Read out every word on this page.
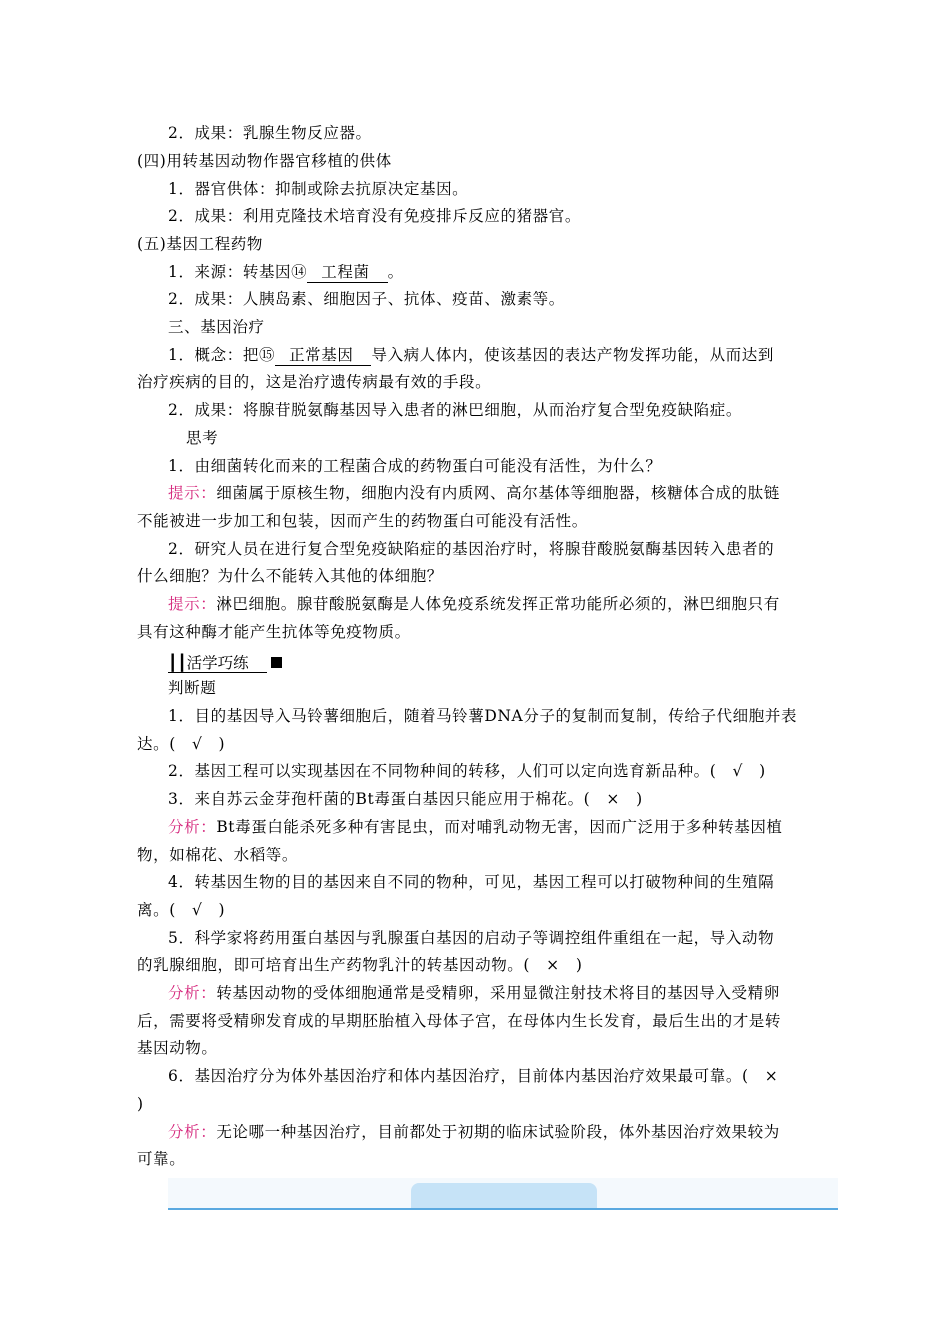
2．成果：乳腺生物反应器。
(四)用转基因动物作器官移植的供体
1．器官供体：抑制或除去抗原决定基因。
2．成果：利用克隆技术培育没有免疫排斥反应的猪器官。
(五)基因工程药物
1．来源：转基因⑭ 工程菌 。
2．成果：人胰岛素、细胞因子、抗体、疫苗、激素等。
三、基因治疗
1．概念：把⑮ 正常基因 导入病人体内，使该基因的表达产物发挥功能，从而达到
治疗疾病的目的，这是治疗遗传病最有效的手段。
2．成果：将腺苷脱氨酶基因导入患者的淋巴细胞，从而治疗复合型免疫缺陷症。
思考
1．由细菌转化而来的工程菌合成的药物蛋白可能没有活性，为什么？
提示：细菌属于原核生物，细胞内没有内质网、高尔基体等细胞器，核糖体合成的肽链
不能被进一步加工和包装，因而产生的药物蛋白可能没有活性。
2．研究人员在进行复合型免疫缺陷症的基因治疗时，将腺苷酸脱氨酶基因转入患者的
什么细胞？为什么不能转入其他的体细胞？
提示：淋巴细胞。腺苷酸脱氨酶是人体免疫系统发挥正常功能所必须的，淋巴细胞只有
具有这种酶才能产生抗体等免疫物质。
┃┃活学巧练
判断题
1．目的基因导入马铃薯细胞后，随着马铃薯DNA分子的复制而复制，传给子代细胞并表
达。(　√　)
2．基因工程可以实现基因在不同物种间的转移，人们可以定向选育新品种。(　√　)
3．来自苏云金芽孢杆菌的Bt毒蛋白基因只能应用于棉花。(　×　)
分析：Bt毒蛋白能杀死多种有害昆虫，而对哺乳动物无害，因而广泛用于多种转基因植
物，如棉花、水稻等。
4．转基因生物的目的基因来自不同的物种，可见，基因工程可以打破物种间的生殖隔
离。(　√　)
5．科学家将药用蛋白基因与乳腺蛋白基因的启动子等调控组件重组在一起，导入动物
的乳腺细胞，即可培育出生产药物乳汁的转基因动物。(　×　)
分析：转基因动物的受体细胞通常是受精卵，采用显微注射技术将目的基因导入受精卵
后，需要将受精卵发育成的早期胚胎植入母体子宫，在母体内生长发育，最后生出的才是转
基因动物。
6．基因治疗分为体外基因治疗和体内基因治疗，目前体内基因治疗效果最可靠。(　×
)
分析：无论哪一种基因治疗，目前都处于初期的临床试验阶段，体外基因治疗效果较为
可靠。
